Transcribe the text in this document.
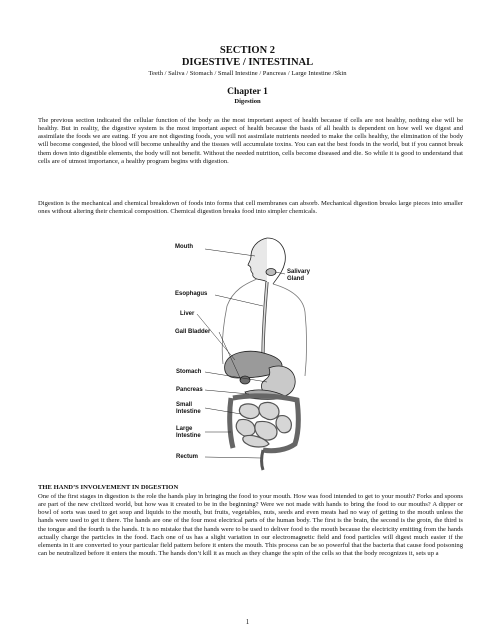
SECTION 2
DIGESTIVE / INTESTINAL
Teeth / Saliva / Stomach / Small Intestine / Pancreas / Large Intestine /Skin
Chapter 1
Digestion

The previous section indicated the cellular function of the body as the most important aspect of health because if cells are not healthy, nothing else will be healthy. But in reality, the digestive system is the most important aspect of health because the basis of all health is dependent on how well we digest and assimilate the foods we are eating. If you are not digesting foods, you will not assimilate nutrients needed to make the cells healthy, the elimination of the body will become congested, the blood will become unhealthy and the tissues will accumulate toxins. You can eat the best foods in the world, but if you cannot break them down into digestible elements, the body will not benefit. Without the needed nutrition, cells become diseased and die. So while it is good to understand that cells are of utmost importance, a healthy program begins with digestion.

Digestion is the mechanical and chemical breakdown of foods into forms that cell membranes can absorb. Mechanical digestion breaks large pieces into smaller ones without altering their chemical composition. Chemical digestion breaks food into simpler chemicals.

Mouth
Salivary
Gland
Esophagus
Liver
Gall Bladder
Stomach
Pancreas
Small
Intestine
Large
Intestine
Rectum
THE HAND’S INVOLVEMENT IN DIGESTION

One of the first stages in digestion is the role the hands play in bringing the food to your mouth. How was food intended to get to your mouth? Forks and spoons are part of the new civilized world, but how was it created to be in the beginning? Were we not made with hands to bring the food to our mouths? A dipper or bowl of sorts was used to get soup and liquids to the mouth, but fruits, vegetables, nuts, seeds and even meats had no way of getting to the mouth unless the hands were used to get it there. The hands are one of the four most electrical parts of the human body. The first is the brain, the second is the groin, the third is the tongue and the fourth is the hands. It is no mistake that the hands were to be used to deliver food to the mouth because the electricity emitting from the hands actually charge the particles in the food. Each one of us has a slight variation in our electromagnetic field and food particles will digest much easier if the elements in it are converted to your particular field pattern before it enters the mouth. This process can be so powerful that the bacteria that cause food poisoning can be neutralized before it enters the mouth. The hands don’t kill it as much as they change the spin of the cells so that the body recognizes it, sets up a

1
